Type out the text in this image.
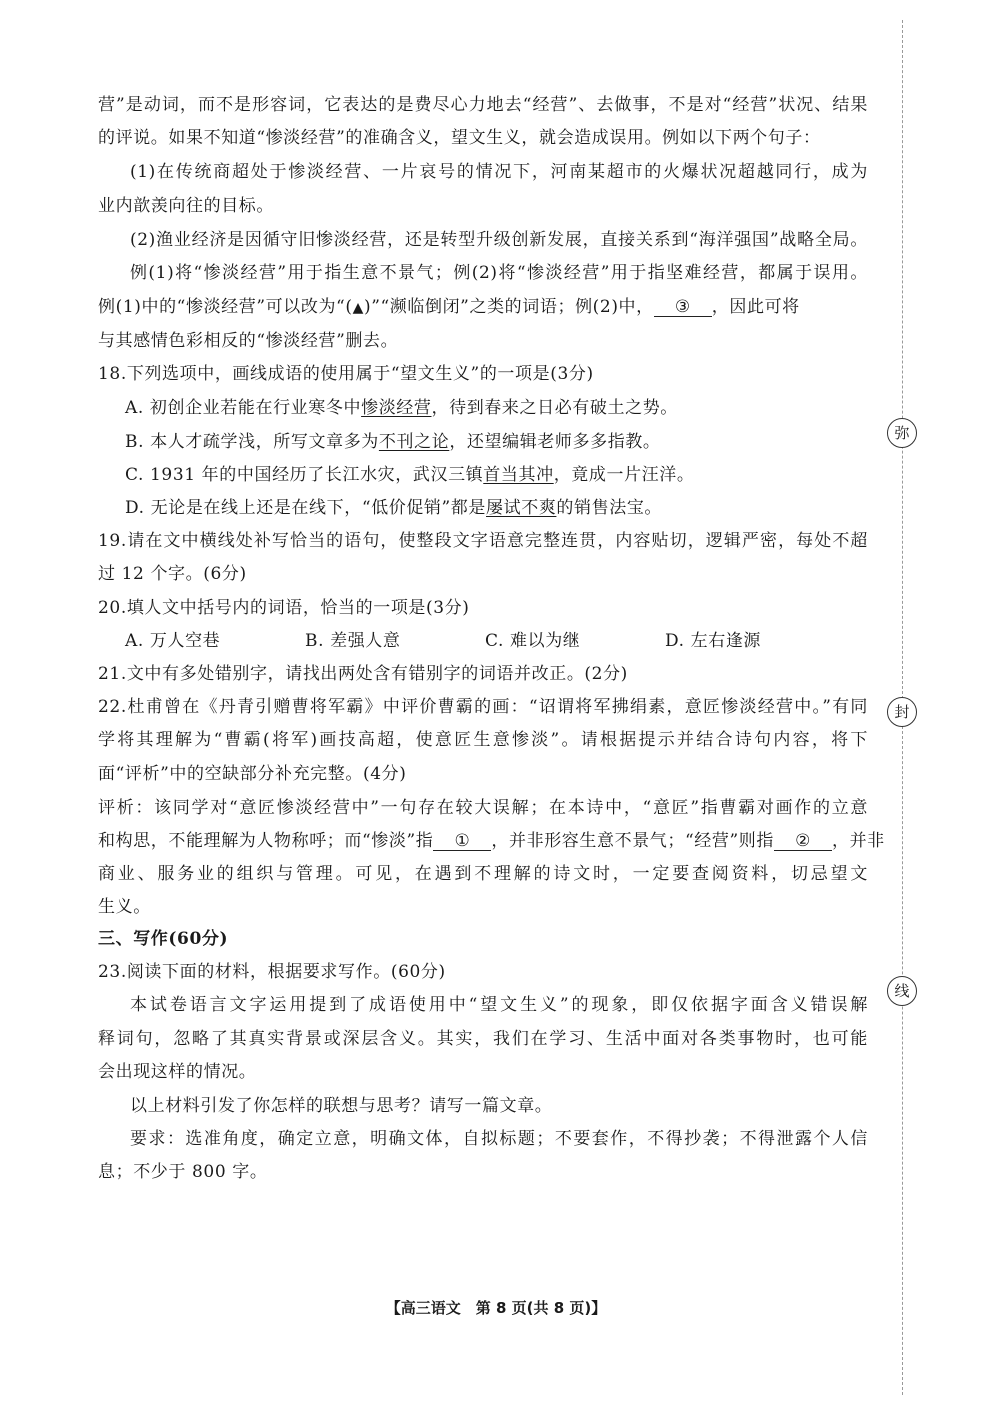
营”是动词，而不是形容词，它表达的是费尽心力地去“经营”、去做事，不是对“经营”状况、结果
的评说。如果不知道“惨淡经营”的准确含义，望文生义，就会造成误用。例如以下两个句子：
(1)在传统商超处于惨淡经营、一片哀号的情况下，河南某超市的火爆状况超越同行，成为
业内歆羡向往的目标。
(2)渔业经济是因循守旧惨淡经营，还是转型升级创新发展，直接关系到“海洋强国”战略全局。
例(1)将“惨淡经营”用于指生意不景气；例(2)将“惨淡经营”用于指坚难经营，都属于误用。
例(1)中的“惨淡经营”可以改为“(▲)”“濒临倒闭”之类的词语；例(2)中， ③ ，因此可将
与其感情色彩相反的“惨淡经营”删去。
18.下列选项中，画线成语的使用属于“望文生义”的一项是(3分)
A. 初创企业若能在行业寒冬中惨淡经营，待到春来之日必有破土之势。
B. 本人才疏学浅，所写文章多为不刊之论，还望编辑老师多多指教。
C. 1931 年的中国经历了长江水灾，武汉三镇首当其冲，竟成一片汪洋。
D. 无论是在线上还是在线下，“低价促销”都是屡试不爽的销售法宝。
19.请在文中横线处补写恰当的语句，使整段文字语意完整连贯，内容贴切，逻辑严密，每处不超
过 12 个字。(6分)
20.填人文中括号内的词语，恰当的一项是(3分)
A. 万人空巷	B. 差强人意	C. 难以为继	D. 左右逢源
21.文中有多处错别字，请找出两处含有错别字的词语并改正。(2分)
22.杜甫曾在《丹青引赠曹将军霸》中评价曹霸的画：“诏谓将军拂绢素，意匠惨淡经营中。”有同
学将其理解为“曹霸(将军)画技高超，使意匠生意惨淡”。请根据提示并结合诗句内容，将下
面“评析”中的空缺部分补充完整。(4分)
评析：该同学对“意匠惨淡经营中”一句存在较大误解；在本诗中，“意匠”指曹霸对画作的立意
和构思，不能理解为人物称呼；而“惨淡”指 ① ，并非形容生意不景气；“经营”则指 ② ，并非
商业、服务业的组织与管理。可见，在遇到不理解的诗文时，一定要查阅资料，切忌望文
生义。
三、写作(60分)
23.阅读下面的材料，根据要求写作。(60分)
本试卷语言文字运用提到了成语使用中“望文生义”的现象，即仅依据字面含义错误解
释词句，忽略了其真实背景或深层含义。其实，我们在学习、生活中面对各类事物时，也可能
会出现这样的情况。
以上材料引发了你怎样的联想与思考？请写一篇文章。
要求：选准角度，确定立意，明确文体，自拟标题；不要套作，不得抄袭；不得泄露个人信
息；不少于 800 字。
弥
封
线
【高三语文　第 8 页(共 8 页)】
